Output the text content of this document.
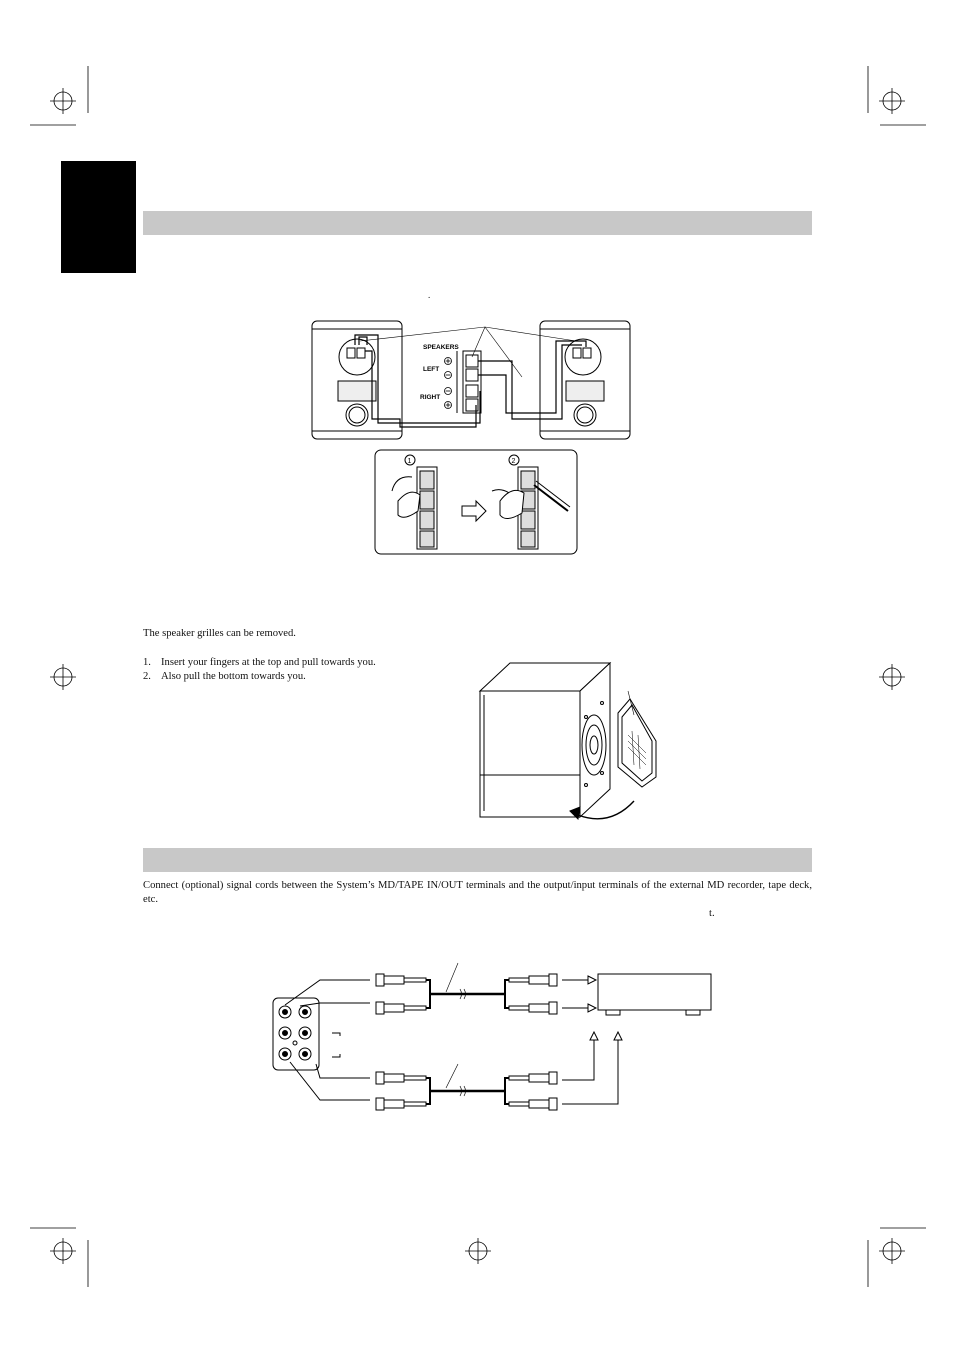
.
SPEAKERS
LEFT
RIGHT
1	2
The speaker grilles can be removed.
1. Insert your fingers at the top and pull towards you.
2. Also pull the bottom towards you.
Connect (optional) signal cords between the System’s MD/TAPE IN/OUT terminals and the output/input terminals of the external MD recorder, tape deck, etc.
t.
